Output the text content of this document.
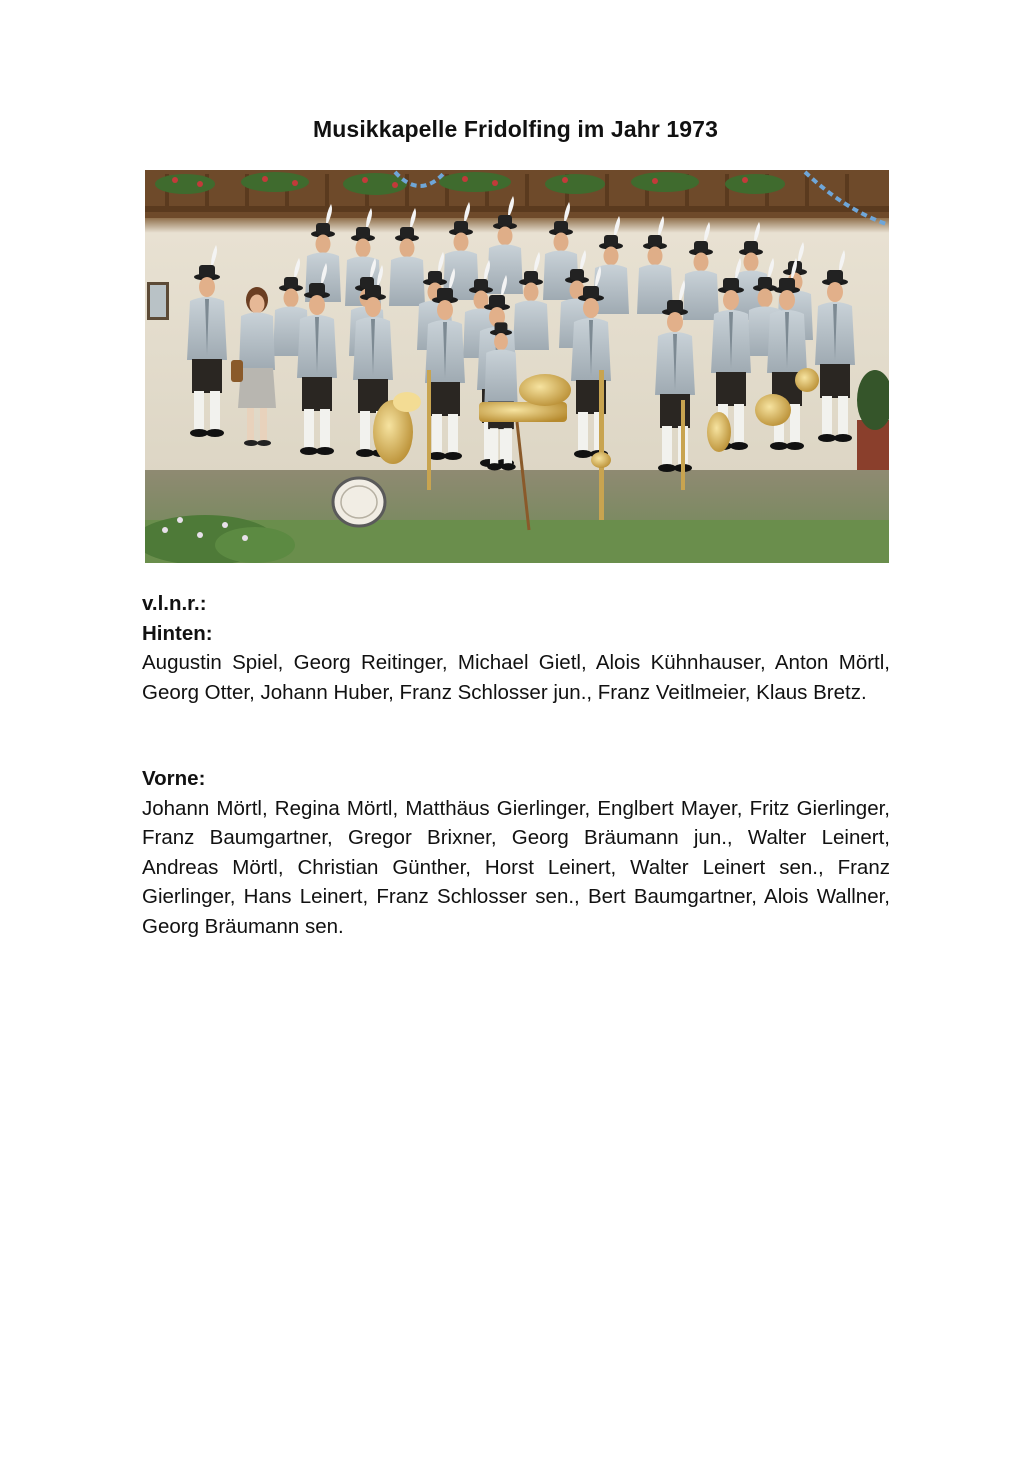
Musikkapelle Fridolfing im Jahr 1973
v.l.n.r.:
Hinten:
Augustin Spiel, Georg Reitinger, Michael Gietl, Alois Kühnhauser, Anton Mörtl, Georg Otter, Johann Huber, Franz Schlosser jun., Franz Veitlmeier, Klaus Bretz.
Vorne:
Johann Mörtl, Regina Mörtl, Matthäus Gierlinger, Englbert Mayer, Fritz Gierlinger, Franz Baumgartner, Gregor Brixner, Georg Bräumann jun., Walter Leinert, Andreas Mörtl, Christian Günther, Horst Leinert, Walter Leinert sen., Franz Gierlinger, Hans Leinert, Franz Schlosser sen., Bert Baumgartner, Alois Wallner, Georg Bräumann sen.
